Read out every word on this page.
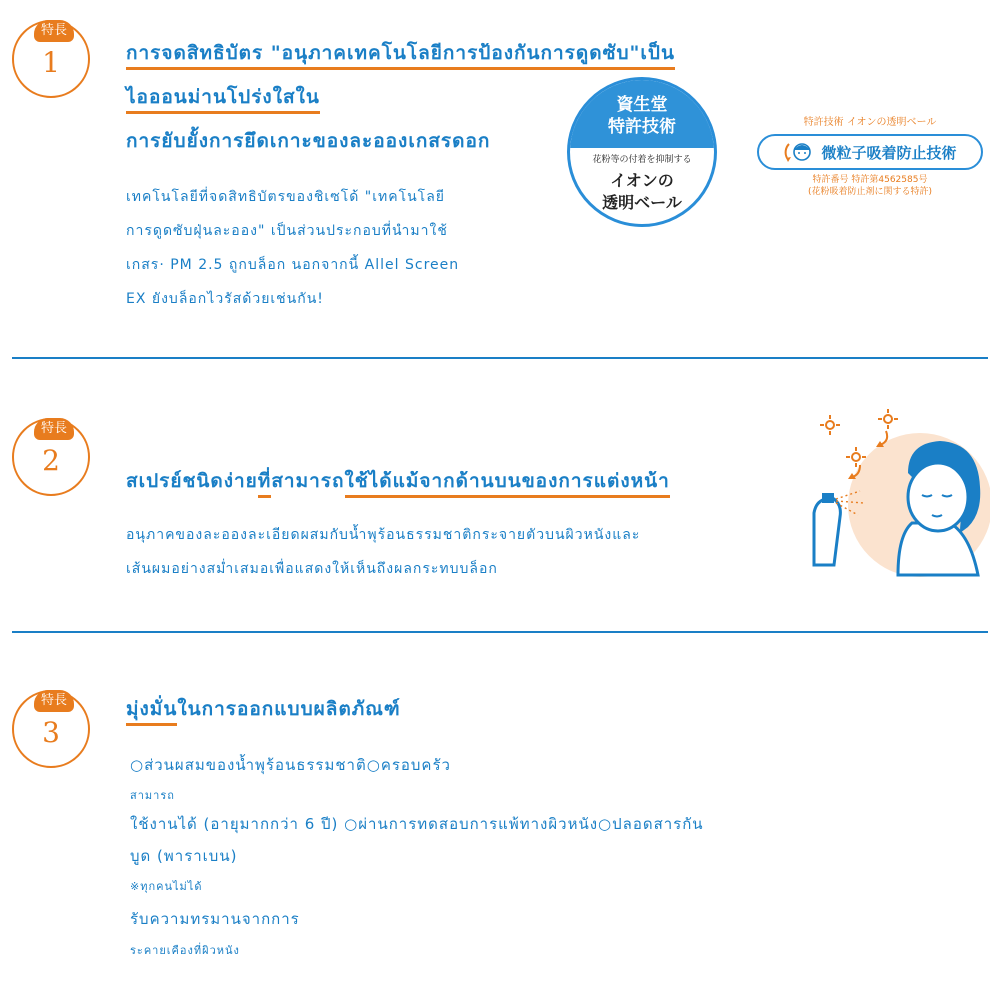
特長
1	การจดสิทธิบัตร "อนุภาคเทคโนโลยีการป้องกันการดูดซับ"เป็น
ไอออนม่านโปร่งใสใน
การยับยั้งการยึดเกาะของละอองเกสรดอก
เทคโนโลยีที่จดสิทธิบัตรของชิเซโด้ "เทคโนโลยี
การดูดซับฝุ่นละออง" เป็นส่วนประกอบที่นำมาใช้
เกสร· PM 2.5 ถูกบล็อก นอกจากนี้ Allel Screen
EX ยังบล็อกไวรัสด้วยเช่นกัน!
資生堂
特許技術
花粉等の付着を抑制する
イオンの
透明ベール
特許技術 イオンの透明ベール
微粒子吸着防止技術
特許番号 特許第4562585号
(花粉吸着防止剤に関する特許)
特長
2
สเปรย์ชนิดง่ายที่สามารถใช้ได้แม้จากด้านบนของการแต่งหน้า
อนุภาคของละอองละเอียดผสมกับน้ำพุร้อนธรรมชาติกระจายตัวบนผิวหนังและ
เส้นผมอย่างสม่ำเสมอเพื่อแสดงให้เห็นถึงผลกระทบบล็อก
特長
3
มุ่งมั่นในการออกแบบผลิตภัณฑ์
○ส่วนผสมของน้ำพุร้อนธรรมชาติ○ครอบครัว
สามารถ
ใช้งานได้ (อายุมากกว่า 6 ปี) ○ผ่านการทดสอบการแพ้ทางผิวหนัง○ปลอดสารกัน
บูด (พาราเบน)
※ทุกคนไม่ได้
รับความทรมานจากการ
ระคายเคืองที่ผิวหนัง
